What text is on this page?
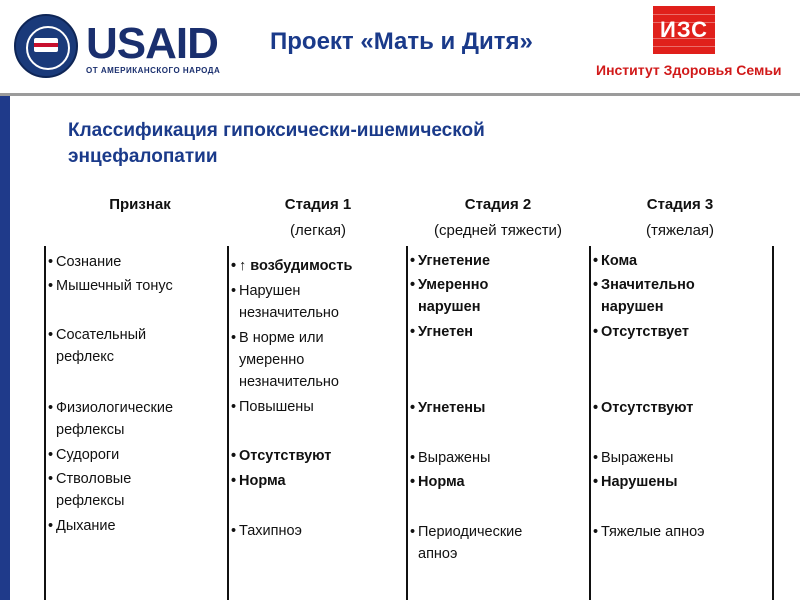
USAID
ОТ АМЕРИКАНСКОГО НАРОДА
Проект «Мать и Дитя»	ИЗС
Институт Здоровья Семьи
Классификация гипоксически-ишемической энцефалопатии
Признак	Стадия 1
(легкая)
Стадия 2
(средней тяжести)
Стадия 3
(тяжелая)
• Сознание
• Мышечный тонус
• Сосательный
рефлекс
• Физиологические
рефлексы
• Судороги
• Стволовые
рефлексы
• Дыхание
• ↑ возбудимость
• Нарушен
незначительно
• В норме или
умеренно
незначительно
• Повышены
• Отсутствуют
• Норма
• Тахипноэ
• Угнетение
• Умеренно
нарушен
• Угнетен
• Угнетены
• Выражены
• Норма
• Периодические
апноэ
• Кома
• Значительно
нарушен
• Отсутствует
• Отсутствуют
• Выражены
• Нарушены
• Тяжелые апноэ
